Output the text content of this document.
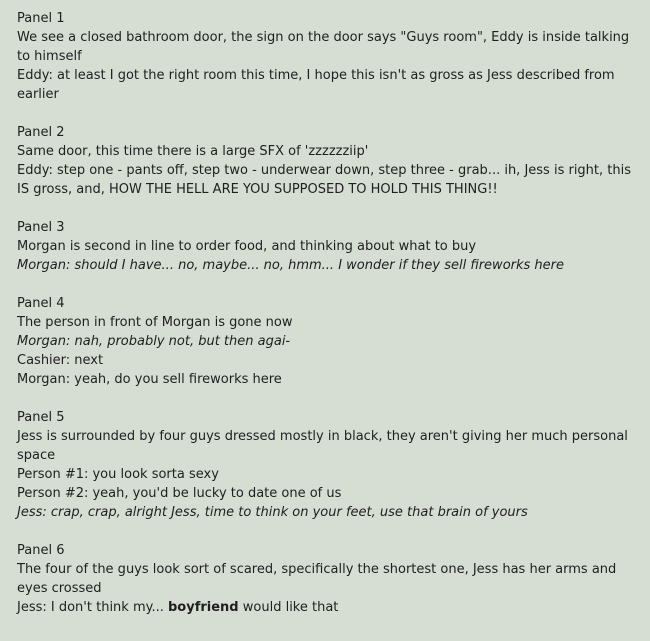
Panel 1
We see a closed bathroom door, the sign on the door says "Guys room", Eddy is inside talking to himself
Eddy: at least I got the right room this time, I hope this isn't as gross as Jess described from earlier
Panel 2
Same door, this time there is a large SFX of 'zzzzzziip'
Eddy: step one - pants off, step two - underwear down, step three - grab... ih, Jess is right, this IS gross, and, HOW THE HELL ARE YOU SUPPOSED TO HOLD THIS THING!!
Panel 3
Morgan is second in line to order food, and thinking about what to buy
Morgan: should I have... no, maybe... no, hmm... I wonder if they sell fireworks here
Panel 4
The person in front of Morgan is gone now
Morgan: nah, probably not, but then agai-
Cashier: next
Morgan: yeah, do you sell fireworks here
Panel 5
Jess is surrounded by four guys dressed mostly in black, they aren't giving her much personal space
Person #1: you look sorta sexy
Person #2: yeah, you'd be lucky to date one of us
Jess: crap, crap, alright Jess, time to think on your feet, use that brain of yours
Panel 6
The four of the guys look sort of scared, specifically the shortest one, Jess has her arms and eyes crossed
Jess: I don't think my... boyfriend would like that
